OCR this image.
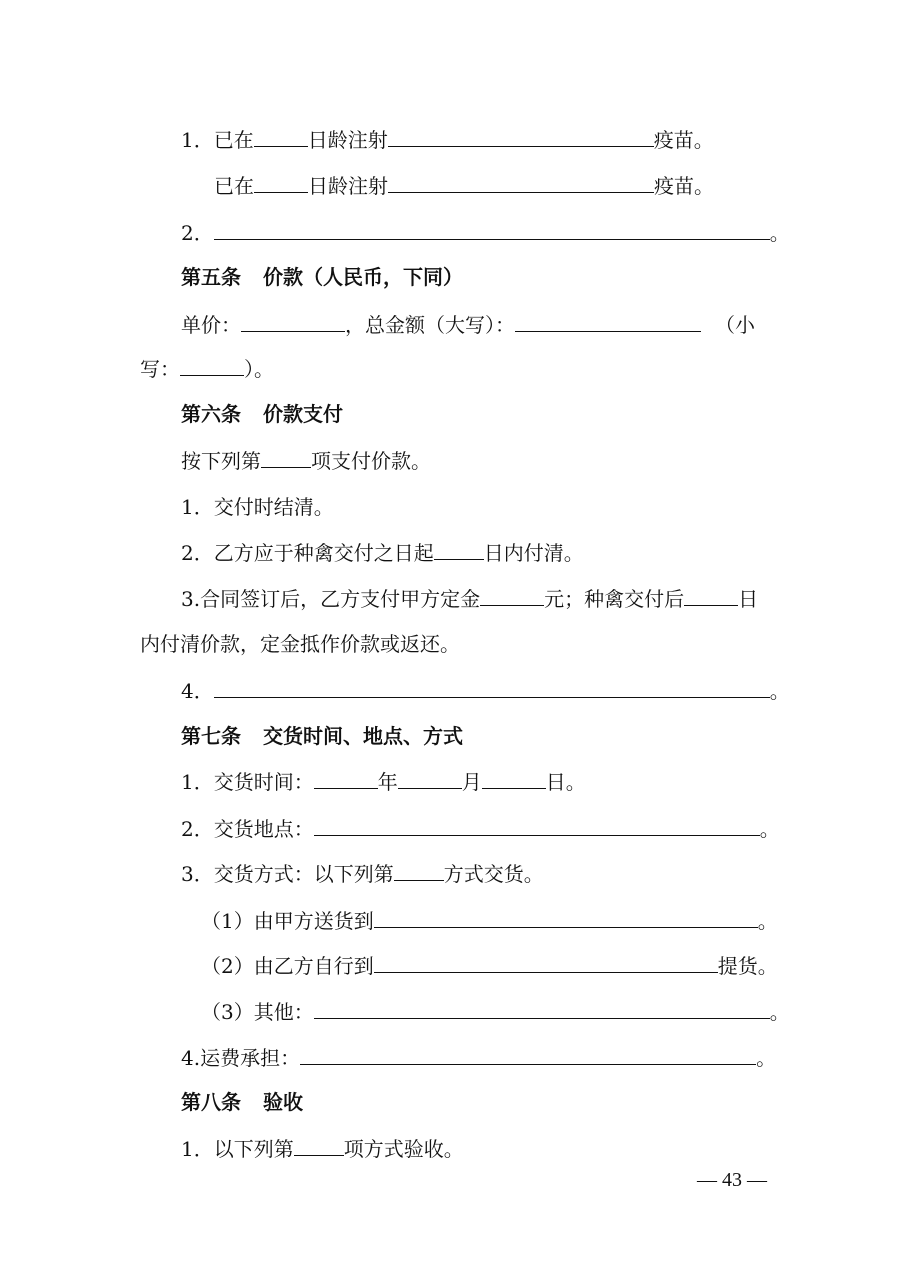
1． 已在	日龄注射	疫苗。
已在	日龄注射	疫苗。
2．	。
第五条 价款（人民币，下同）
单价：	，总金额（大写）：	（小
写：	）。
第六条 价款支付
按下列第	项支付价款。
1．交付时结清。
2．乙方应于种禽交付之日起	日内付清。
3.合同签订后，乙方支付甲方定金	元；种禽交付后	日
内付清价款，定金抵作价款或返还。
4．	。
第七条 交货时间、地点、方式
1．交货时间：	年	月	日。
2．交货地点：	。
3．交货方式：以下列第	方式交货。
（1）由甲方送货到	。
（2）由乙方自行到	提货。
（3）其他：	。
4.运费承担：	。
第八条 验收
1．以下列第	项方式验收。
— 43 —
